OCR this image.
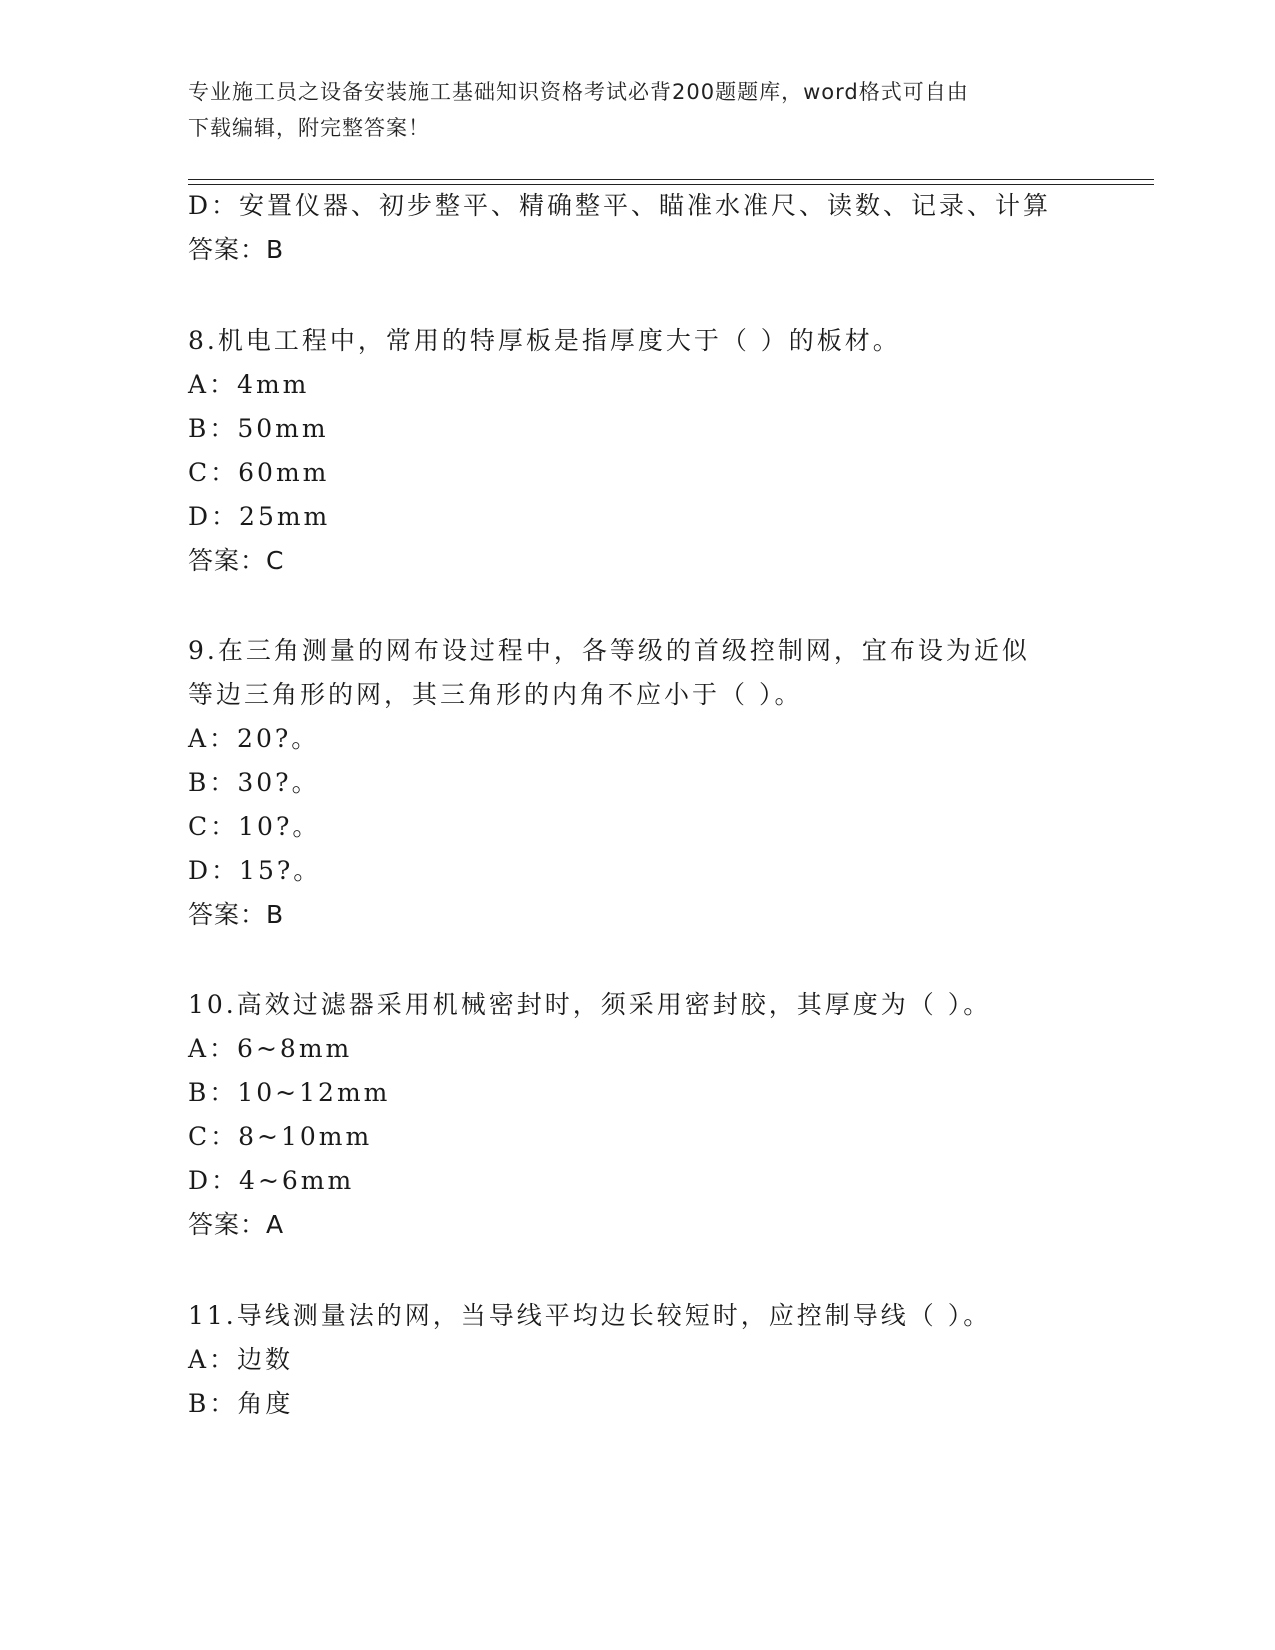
专业施工员之设备安装施工基础知识资格考试必背200题题库，word格式可自由
下载编辑，附完整答案！
D：安置仪器、初步整平、精确整平、瞄准水准尺、读数、记录、计算
答案：B
8.机电工程中，常用的特厚板是指厚度大于（ ）的板材。
A：4mm
B：50mm
C：60mm
D：25mm
答案：C
9.在三角测量的网布设过程中，各等级的首级控制网，宜布设为近似
等边三角形的网，其三角形的内角不应小于（ ）。
A：20?。
B：30?。
C：10?。
D：15?。
答案：B
10.高效过滤器采用机械密封时，须采用密封胶，其厚度为（ ）。
A：6~8mm
B：10~12mm
C：8~10mm
D：4~6mm
答案：A
11.导线测量法的网，当导线平均边长较短时，应控制导线（ ）。
A：边数
B：角度
